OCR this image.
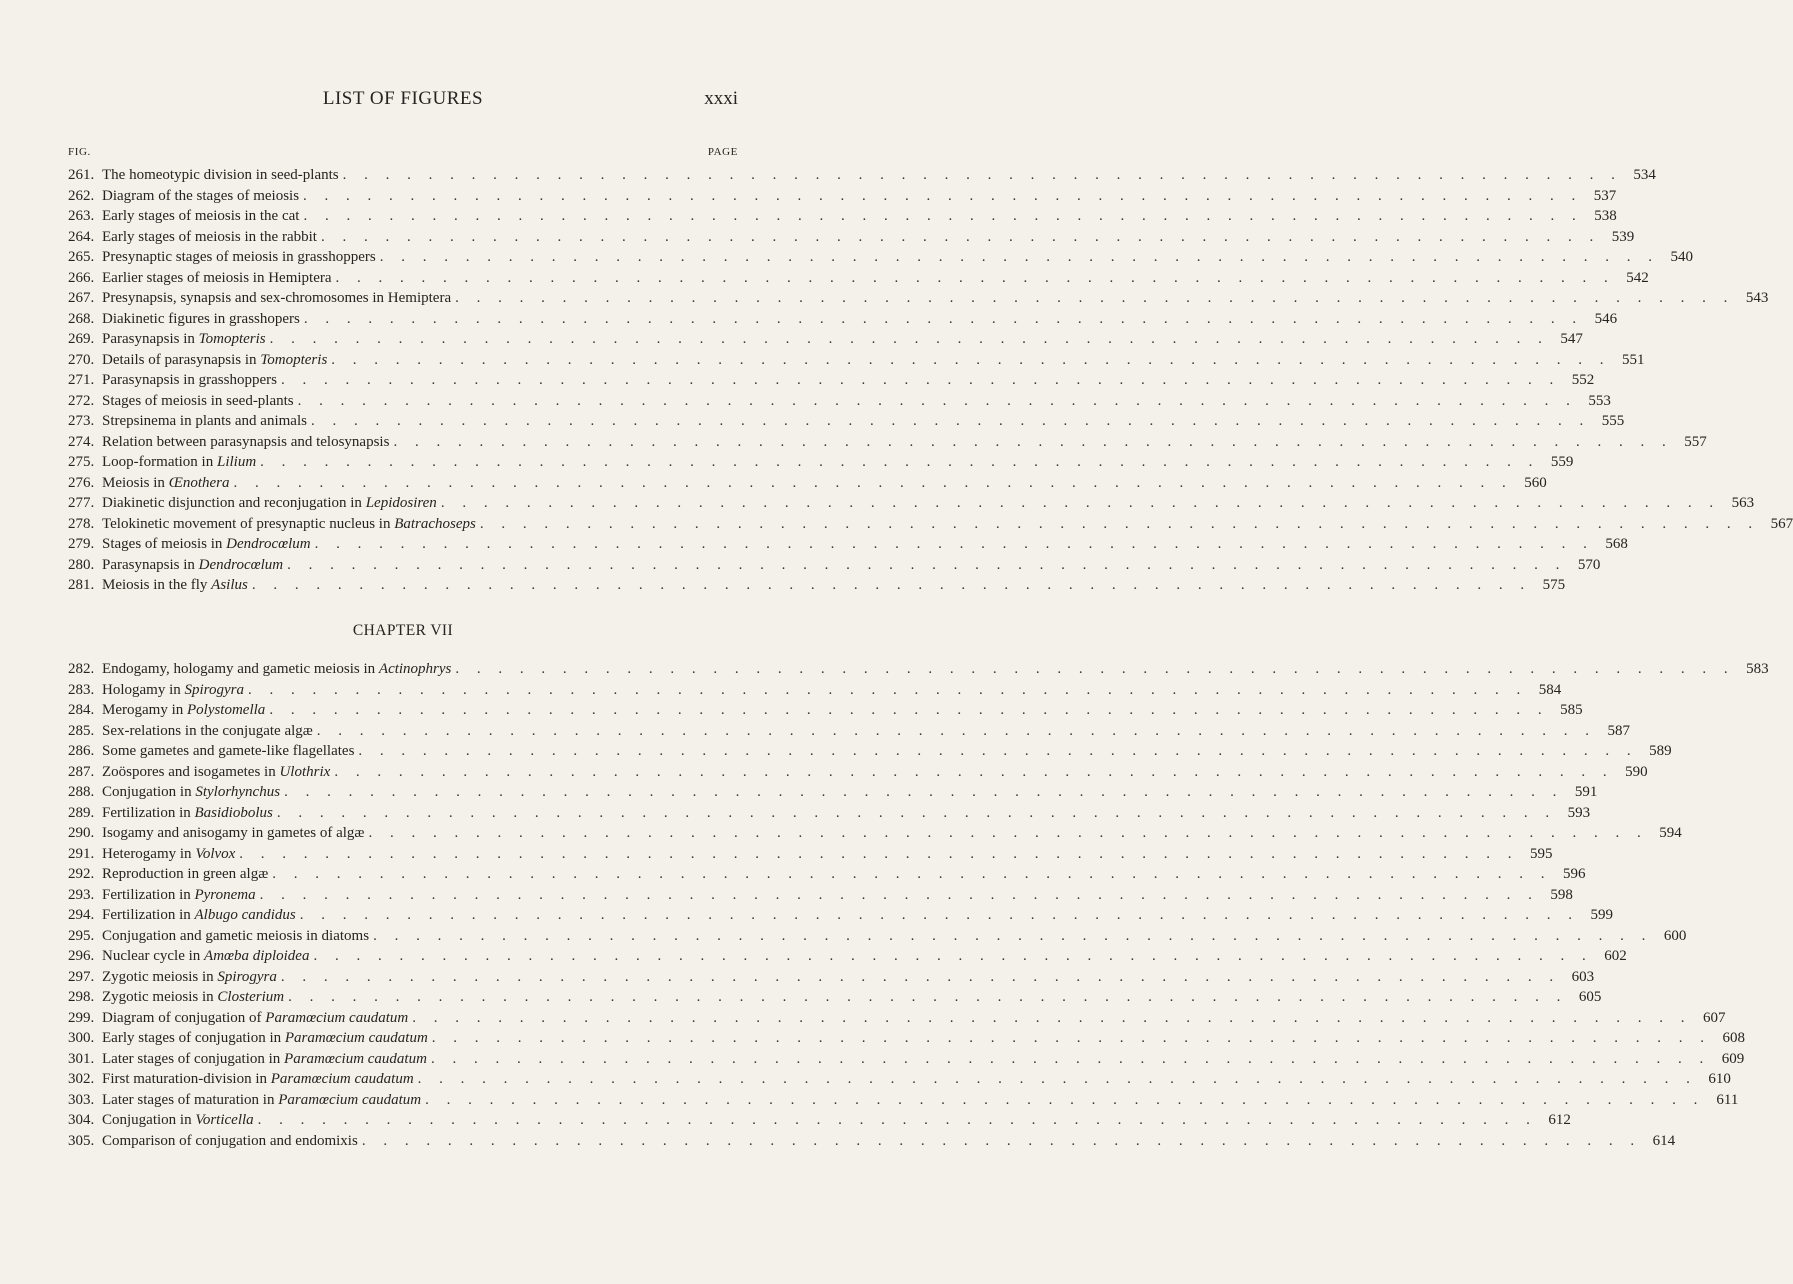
LIST OF FIGURES	xxxi
FIG.	PAGE
261. The homeotypic division in seed-plants . . . . . . . . . . . . . . . . . . . . . . . . . . . . . . . . . . . . . . . . . . . . . . . . . . . . . . . . . . . . 534
262. Diagram of the stages of meiosis . . . . . . . . . . . . . . . . . . . . . . . . . . . . . . . . . . . . . . . . . . . . . . . . . . . . . . . . . . . . 537
263. Early stages of meiosis in the cat . . . . . . . . . . . . . . . . . . . . . . . . . . . . . . . . . . . . . . . . . . . . . . . . . . . . . . . . . . . . 538
264. Early stages of meiosis in the rabbit . . . . . . . . . . . . . . . . . . . . . . . . . . . . . . . . . . . . . . . . . . . . . . . . . . . . . . . . . . . . 539
265. Presynaptic stages of meiosis in grasshoppers . . . . . . . . . . . . . . . . . . . . . . . . . . . . . . . . . . . . . . . . . . . . . . . . . . . . . . . . . . . . 540
266. Earlier stages of meiosis in Hemiptera . . . . . . . . . . . . . . . . . . . . . . . . . . . . . . . . . . . . . . . . . . . . . . . . . . . . . . . . . . . . 542
267. Presynapsis, synapsis and sex-chromosomes in Hemiptera . . . . . . . . . . . . . . . . . . . . . . . . . . . . . . . . . . . . . . . . . . . . . . . . . . . . . . . . . . . . 543
268. Diakinetic figures in grasshopers . . . . . . . . . . . . . . . . . . . . . . . . . . . . . . . . . . . . . . . . . . . . . . . . . . . . . . . . . . . . 546
269. Parasynapsis in Tomopteris . . . . . . . . . . . . . . . . . . . . . . . . . . . . . . . . . . . . . . . . . . . . . . . . . . . . . . . . . . . . 547
270. Details of parasynapsis in Tomopteris . . . . . . . . . . . . . . . . . . . . . . . . . . . . . . . . . . . . . . . . . . . . . . . . . . . . . . . . . . . . 551
271. Parasynapsis in grasshoppers . . . . . . . . . . . . . . . . . . . . . . . . . . . . . . . . . . . . . . . . . . . . . . . . . . . . . . . . . . . . 552
272. Stages of meiosis in seed-plants . . . . . . . . . . . . . . . . . . . . . . . . . . . . . . . . . . . . . . . . . . . . . . . . . . . . . . . . . . . . 553
273. Strepsinema in plants and animals . . . . . . . . . . . . . . . . . . . . . . . . . . . . . . . . . . . . . . . . . . . . . . . . . . . . . . . . . . . . 555
274. Relation between parasynapsis and telosynapsis . . . . . . . . . . . . . . . . . . . . . . . . . . . . . . . . . . . . . . . . . . . . . . . . . . . . . . . . . . . . 557
275. Loop-formation in Lilium . . . . . . . . . . . . . . . . . . . . . . . . . . . . . . . . . . . . . . . . . . . . . . . . . . . . . . . . . . . . 559
276. Meiosis in Œnothera . . . . . . . . . . . . . . . . . . . . . . . . . . . . . . . . . . . . . . . . . . . . . . . . . . . . . . . . . . . . 560
277. Diakinetic disjunction and reconjugation in Lepidosiren . . . . . . . . . . . . . . . . . . . . . . . . . . . . . . . . . . . . . . . . . . . . . . . . . . . . . . . . . . . . 563
278. Telokinetic movement of presynaptic nucleus in Batrachoseps . . . . . . . . . . . . . . . . . . . . . . . . . . . . . . . . . . . . . . . . . . . . . . . . . . . . . . . . . . . . 567
279. Stages of meiosis in Dendrocœlum . . . . . . . . . . . . . . . . . . . . . . . . . . . . . . . . . . . . . . . . . . . . . . . . . . . . . . . . . . . . 568
280. Parasynapsis in Dendrocœlum . . . . . . . . . . . . . . . . . . . . . . . . . . . . . . . . . . . . . . . . . . . . . . . . . . . . . . . . . . . . 570
281. Meiosis in the fly Asilus . . . . . . . . . . . . . . . . . . . . . . . . . . . . . . . . . . . . . . . . . . . . . . . . . . . . . . . . . . . . 575
CHAPTER VII
282. Endogamy, hologamy and gametic meiosis in Actinophrys . . . . . . . . . . . . . . . . . . . . . . . . . . . . . . . . . . . . . . . . . . . . . . . . . . . . . . . . . . . . 583
283. Hologamy in Spirogyra . . . . . . . . . . . . . . . . . . . . . . . . . . . . . . . . . . . . . . . . . . . . . . . . . . . . . . . . . . . . 584
284. Merogamy in Polystomella . . . . . . . . . . . . . . . . . . . . . . . . . . . . . . . . . . . . . . . . . . . . . . . . . . . . . . . . . . . . 585
285. Sex-relations in the conjugate algæ . . . . . . . . . . . . . . . . . . . . . . . . . . . . . . . . . . . . . . . . . . . . . . . . . . . . . . . . . . . . 587
286. Some gametes and gamete-like flagellates . . . . . . . . . . . . . . . . . . . . . . . . . . . . . . . . . . . . . . . . . . . . . . . . . . . . . . . . . . . . 589
287. Zoöspores and isogametes in Ulothrix . . . . . . . . . . . . . . . . . . . . . . . . . . . . . . . . . . . . . . . . . . . . . . . . . . . . . . . . . . . . 590
288. Conjugation in Stylorhynchus . . . . . . . . . . . . . . . . . . . . . . . . . . . . . . . . . . . . . . . . . . . . . . . . . . . . . . . . . . . . 591
289. Fertilization in Basidiobolus . . . . . . . . . . . . . . . . . . . . . . . . . . . . . . . . . . . . . . . . . . . . . . . . . . . . . . . . . . . . 593
290. Isogamy and anisogamy in gametes of algæ . . . . . . . . . . . . . . . . . . . . . . . . . . . . . . . . . . . . . . . . . . . . . . . . . . . . . . . . . . . . 594
291. Heterogamy in Volvox . . . . . . . . . . . . . . . . . . . . . . . . . . . . . . . . . . . . . . . . . . . . . . . . . . . . . . . . . . . . 595
292. Reproduction in green algæ . . . . . . . . . . . . . . . . . . . . . . . . . . . . . . . . . . . . . . . . . . . . . . . . . . . . . . . . . . . . 596
293. Fertilization in Pyronema . . . . . . . . . . . . . . . . . . . . . . . . . . . . . . . . . . . . . . . . . . . . . . . . . . . . . . . . . . . . 598
294. Fertilization in Albugo candidus . . . . . . . . . . . . . . . . . . . . . . . . . . . . . . . . . . . . . . . . . . . . . . . . . . . . . . . . . . . . 599
295. Conjugation and gametic meiosis in diatoms . . . . . . . . . . . . . . . . . . . . . . . . . . . . . . . . . . . . . . . . . . . . . . . . . . . . . . . . . . . . 600
296. Nuclear cycle in Amœba diploidea . . . . . . . . . . . . . . . . . . . . . . . . . . . . . . . . . . . . . . . . . . . . . . . . . . . . . . . . . . . . 602
297. Zygotic meiosis in Spirogyra . . . . . . . . . . . . . . . . . . . . . . . . . . . . . . . . . . . . . . . . . . . . . . . . . . . . . . . . . . . . 603
298. Zygotic meiosis in Closterium . . . . . . . . . . . . . . . . . . . . . . . . . . . . . . . . . . . . . . . . . . . . . . . . . . . . . . . . . . . . 605
299. Diagram of conjugation of Paramœcium caudatum . . . . . . . . . . . . . . . . . . . . . . . . . . . . . . . . . . . . . . . . . . . . . . . . . . . . . . . . . . . . 607
300. Early stages of conjugation in Paramœcium caudatum . . . . . . . . . . . . . . . . . . . . . . . . . . . . . . . . . . . . . . . . . . . . . . . . . . . . . . . . . . . . 608
301. Later stages of conjugation in Paramœcium caudatum . . . . . . . . . . . . . . . . . . . . . . . . . . . . . . . . . . . . . . . . . . . . . . . . . . . . . . . . . . . . 609
302. First maturation-division in Paramœcium caudatum . . . . . . . . . . . . . . . . . . . . . . . . . . . . . . . . . . . . . . . . . . . . . . . . . . . . . . . . . . . . 610
303. Later stages of maturation in Paramœcium caudatum . . . . . . . . . . . . . . . . . . . . . . . . . . . . . . . . . . . . . . . . . . . . . . . . . . . . . . . . . . . . 611
304. Conjugation in Vorticella . . . . . . . . . . . . . . . . . . . . . . . . . . . . . . . . . . . . . . . . . . . . . . . . . . . . . . . . . . . . 612
305. Comparison of conjugation and endomixis . . . . . . . . . . . . . . . . . . . . . . . . . . . . . . . . . . . . . . . . . . . . . . . . . . . . . . . . . . . . 614
